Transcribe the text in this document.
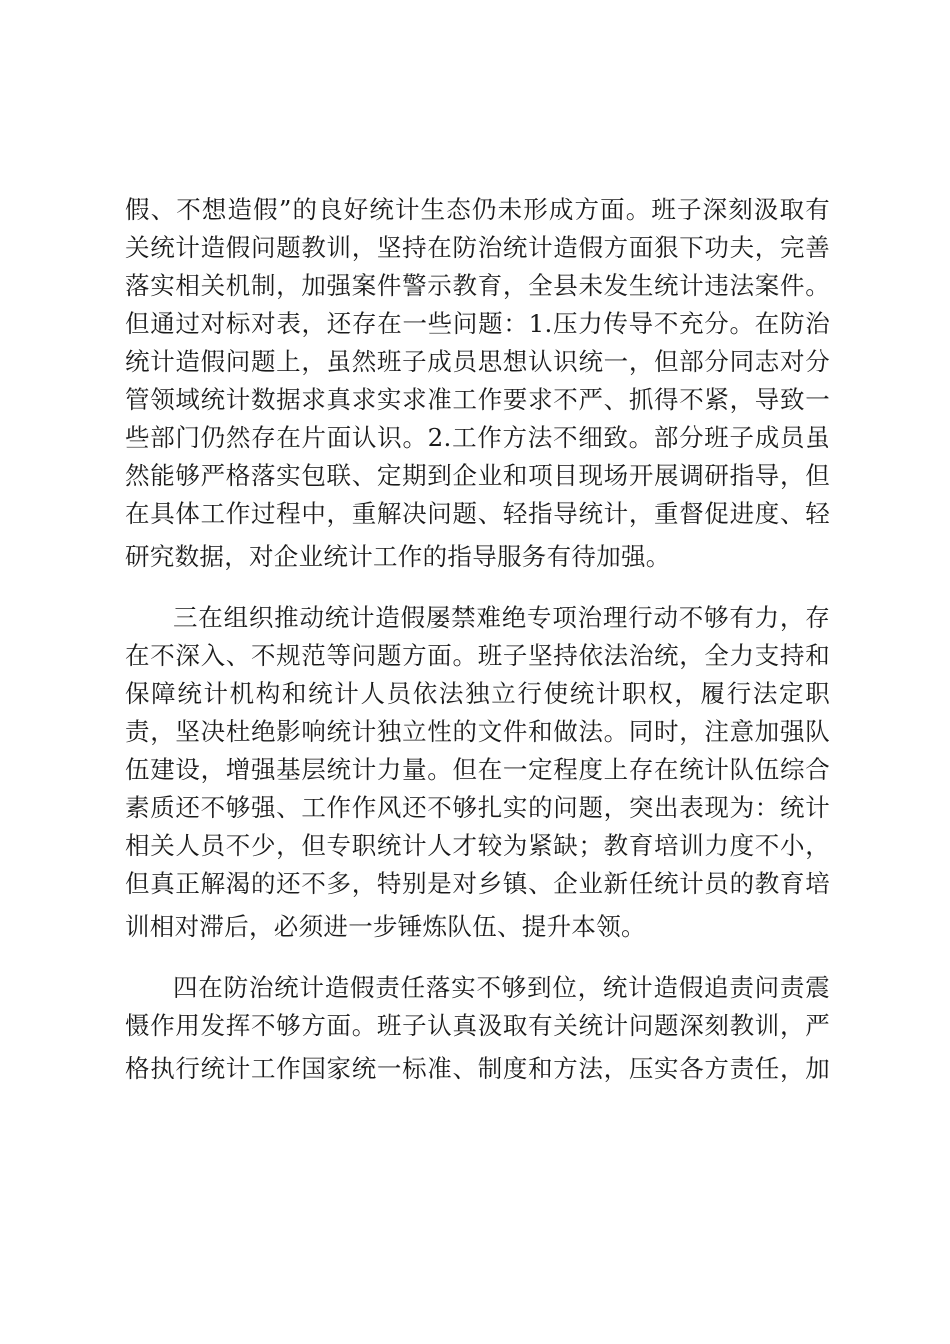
假、不想造假”的良好统计生态仍未形成方面。班子深刻汲取有
关统计造假问题教训，坚持在防治统计造假方面狠下功夫，完善
落实相关机制，加强案件警示教育，全县未发生统计违法案件。
但通过对标对表，还存在一些问题：1.压力传导不充分。在防治
统计造假问题上，虽然班子成员思想认识统一，但部分同志对分
管领域统计数据求真求实求准工作要求不严、抓得不紧，导致一
些部门仍然存在片面认识。2.工作方法不细致。部分班子成员虽
然能够严格落实包联、定期到企业和项目现场开展调研指导，但
在具体工作过程中，重解决问题、轻指导统计，重督促进度、轻
研究数据，对企业统计工作的指导服务有待加强。
三在组织推动统计造假屡禁难绝专项治理行动不够有力，存
在不深入、不规范等问题方面。班子坚持依法治统，全力支持和
保障统计机构和统计人员依法独立行使统计职权，履行法定职
责，坚决杜绝影响统计独立性的文件和做法。同时，注意加强队
伍建设，增强基层统计力量。但在一定程度上存在统计队伍综合
素质还不够强、工作作风还不够扎实的问题，突出表现为：统计
相关人员不少，但专职统计人才较为紧缺；教育培训力度不小，
但真正解渴的还不多，特别是对乡镇、企业新任统计员的教育培
训相对滞后，必须进一步锤炼队伍、提升本领。
四在防治统计造假责任落实不够到位，统计造假追责问责震
慑作用发挥不够方面。班子认真汲取有关统计问题深刻教训，严
格执行统计工作国家统一标准、制度和方法，压实各方责任，加
